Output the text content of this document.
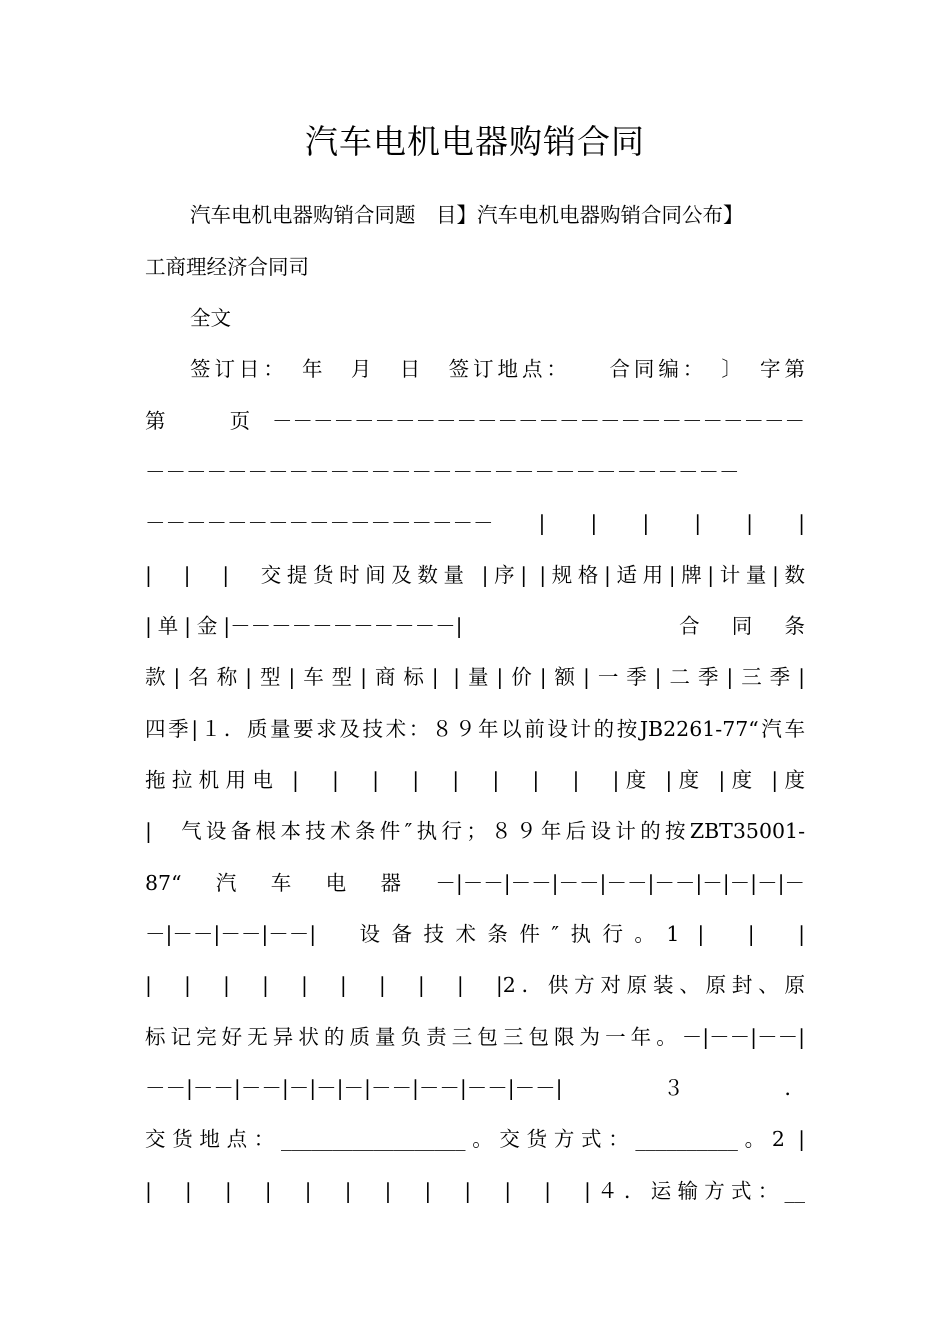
汽车电机电器购销合同
汽车电机电器购销合同题　目】汽车电机电器购销合同公布】
工商理经济合同司
全文
签订日：　年　月　日　签订地点：　　合同编：　〕　字第
第　页－－－－－－－－－－－－－－－－－－－－－－－－－－
－－－－－－－－－－－－－－－－－－－－－－－－－－－－－
－－－－－－－－－－－－－－－－－　|　|　|　|　|　|
|　|　|　交提货时间及数量 |序| |规格|适用|牌|计量|数
|单|金|－－－－－－－－－－－|　　　　　　　　合　同　条
款|名称|型|车型|商标| |量|价|额|一季|二季|三季|
四季|１．质量要求及技术：８９年以前设计的按JB2261-77“汽车
拖拉机用电 |　|　|　|　|　|　|　|　|度 |度 |度 |度
|　气设备根本技术条件″执行；８９年后设计的按ZBT35001-
87“汽车电器－|－－|－－|－－|－－|－－|－|－|－|－
－|－－|－－|－－|　设备技术条件″执行。1 |　|　|
|　|　|　|　|　|　|　|　|　|2．供方对原装、原封、原
标记完好无异状的质量负责三包三包限为一年。－|－－|－－|
－－|－－|－－|－|－|－|－－|－－|－－|－－|３．
交货地点：__________________。交货方式：__________。2 |
|　|　|　|　|　|　|　|　|　|　|　|４．运输方式：__
